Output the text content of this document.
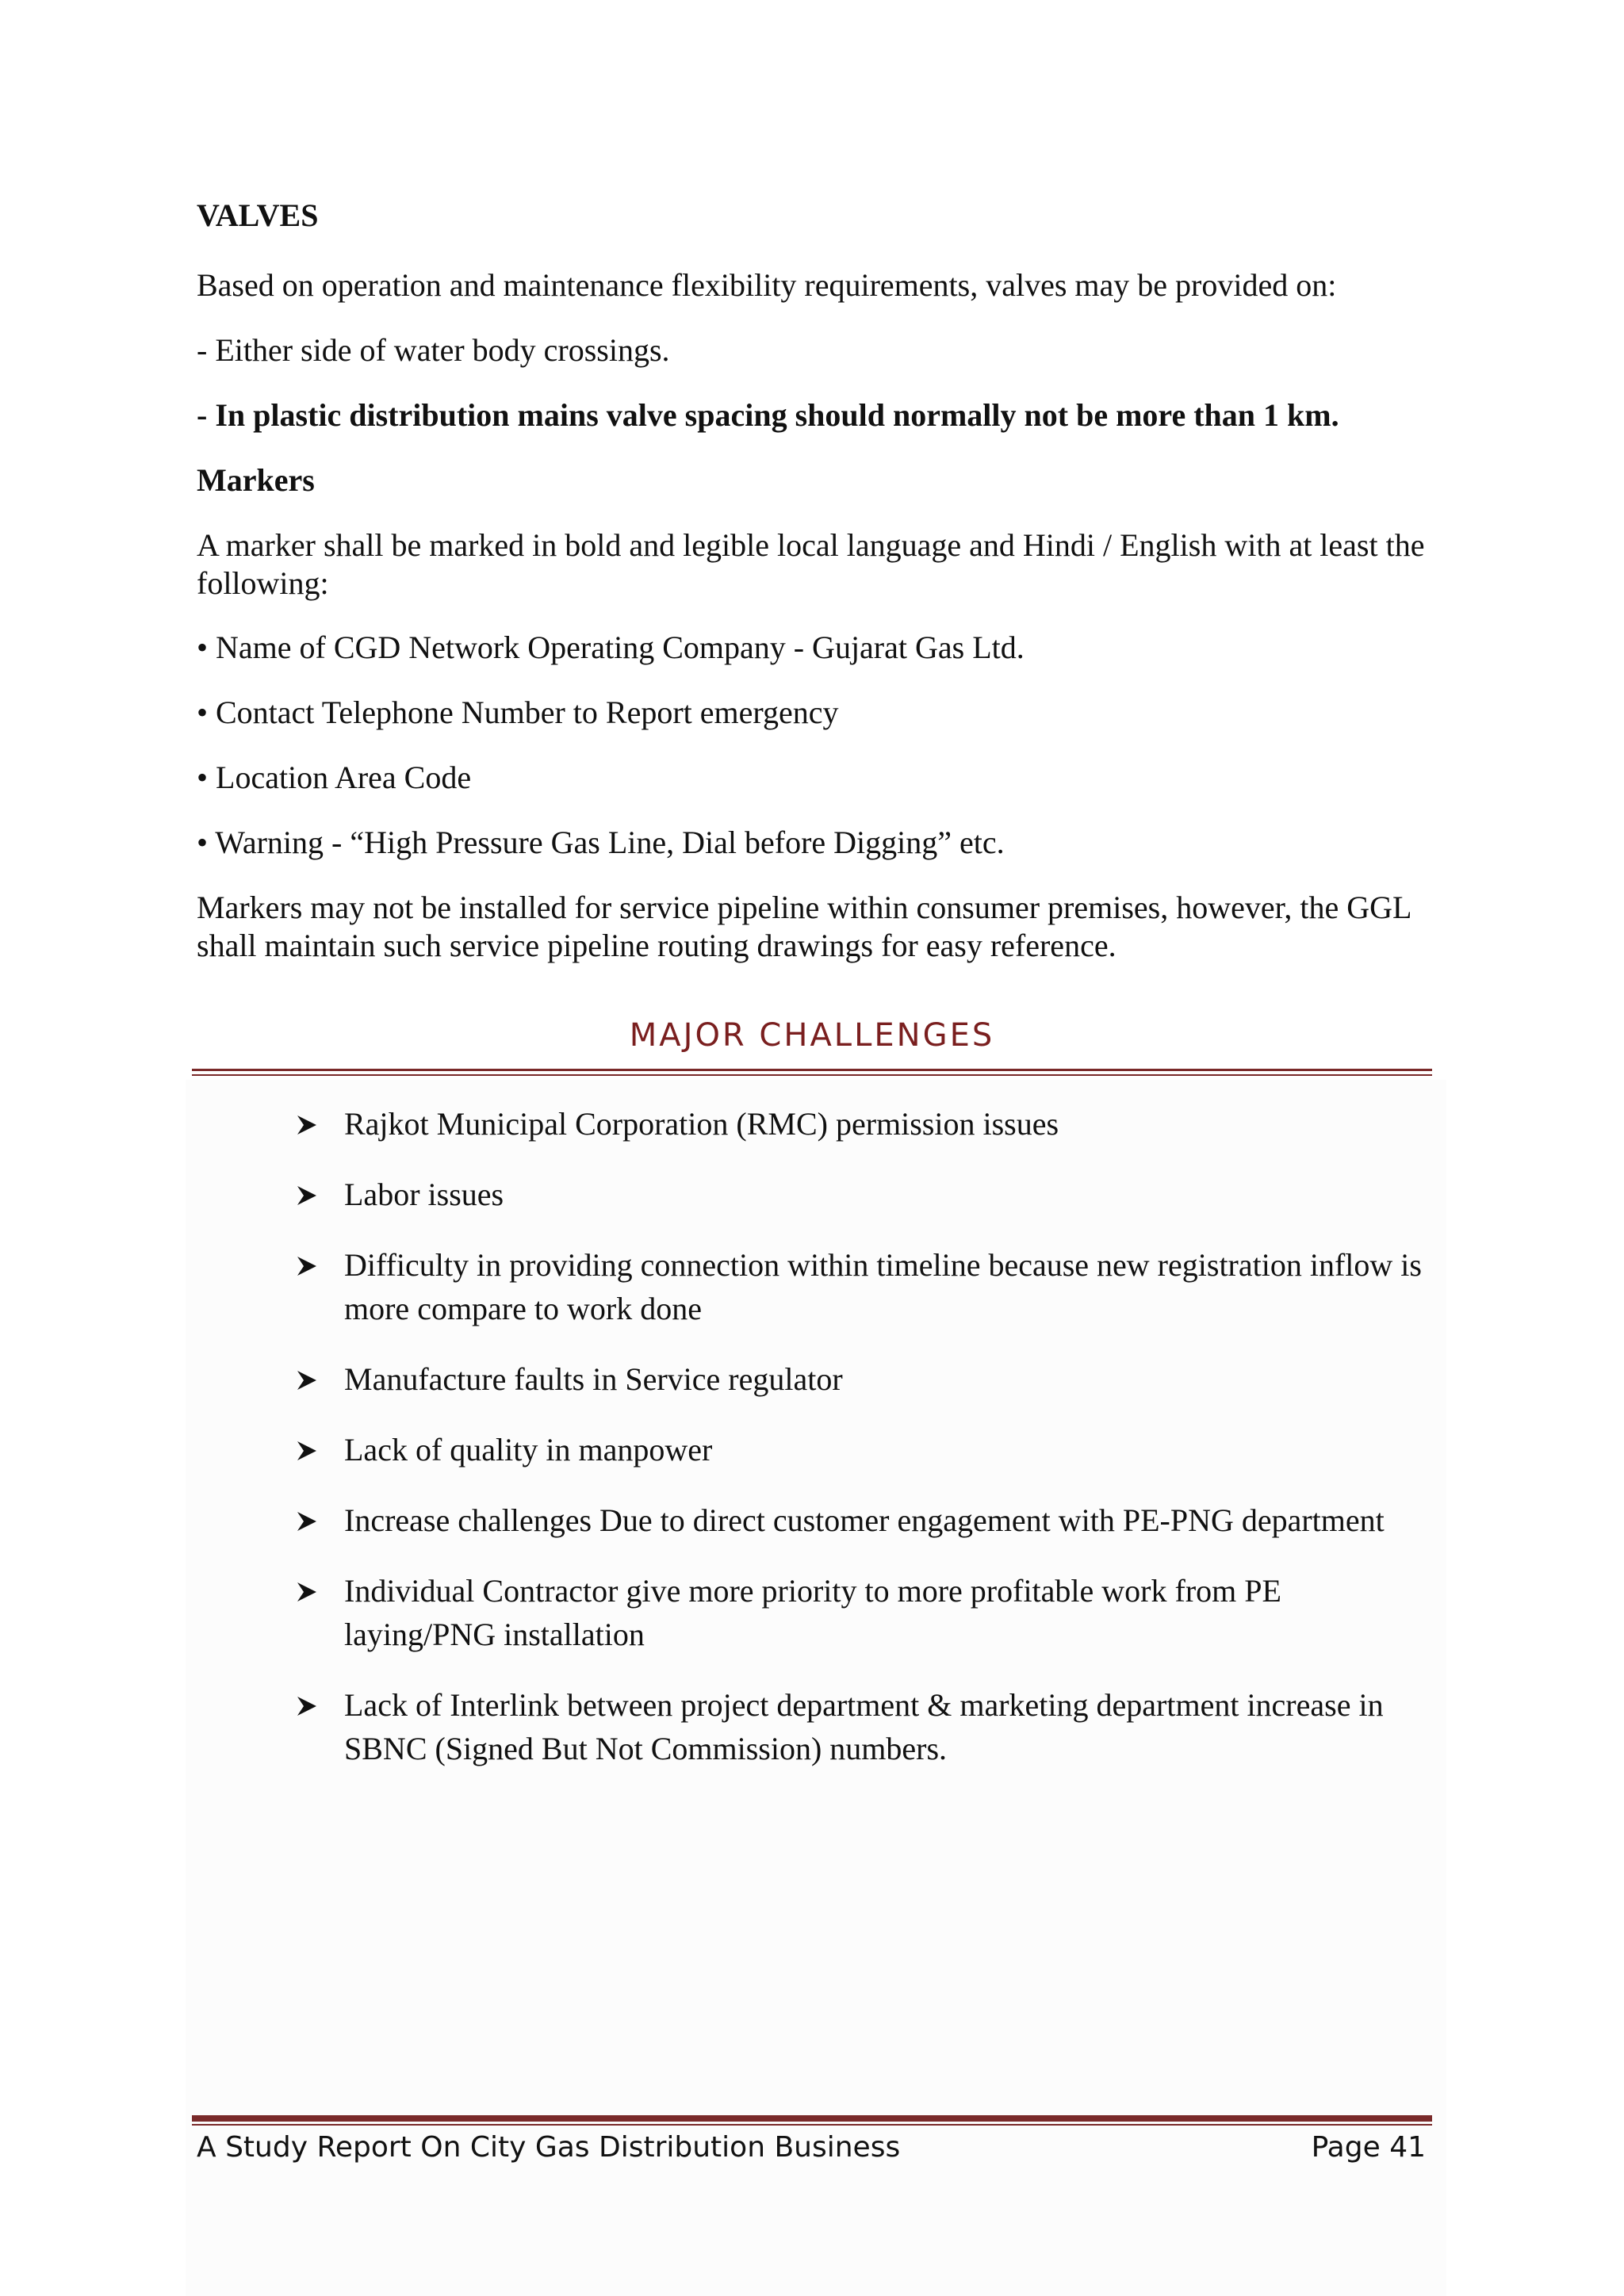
VALVES
Based on operation and maintenance flexibility requirements, valves may be provided on:
- Either side of water body crossings.
- In plastic distribution mains valve spacing should normally not be more than 1 km.
Markers
A marker shall be marked in bold and legible local language and Hindi / English with at least the following:
• Name of CGD Network Operating Company - Gujarat Gas Ltd.
• Contact Telephone Number to Report emergency
• Location Area Code
• Warning - “High Pressure Gas Line, Dial before Digging” etc.
Markers may not be installed for service pipeline within consumer premises, however, the GGL shall maintain such service pipeline routing drawings for easy reference.
MAJOR CHALLENGES
Rajkot Municipal Corporation (RMC) permission issues
Labor issues
Difficulty in providing connection within timeline because new registration inflow is more compare to work done
Manufacture faults in Service regulator
Lack of quality in manpower
Increase challenges Due to direct customer engagement with PE-PNG department
Individual Contractor give more priority to more profitable work from PE laying/PNG installation
Lack of Interlink between project department & marketing department increase in SBNC (Signed But Not Commission) numbers.
A Study Report On City Gas Distribution Business	Page 41
